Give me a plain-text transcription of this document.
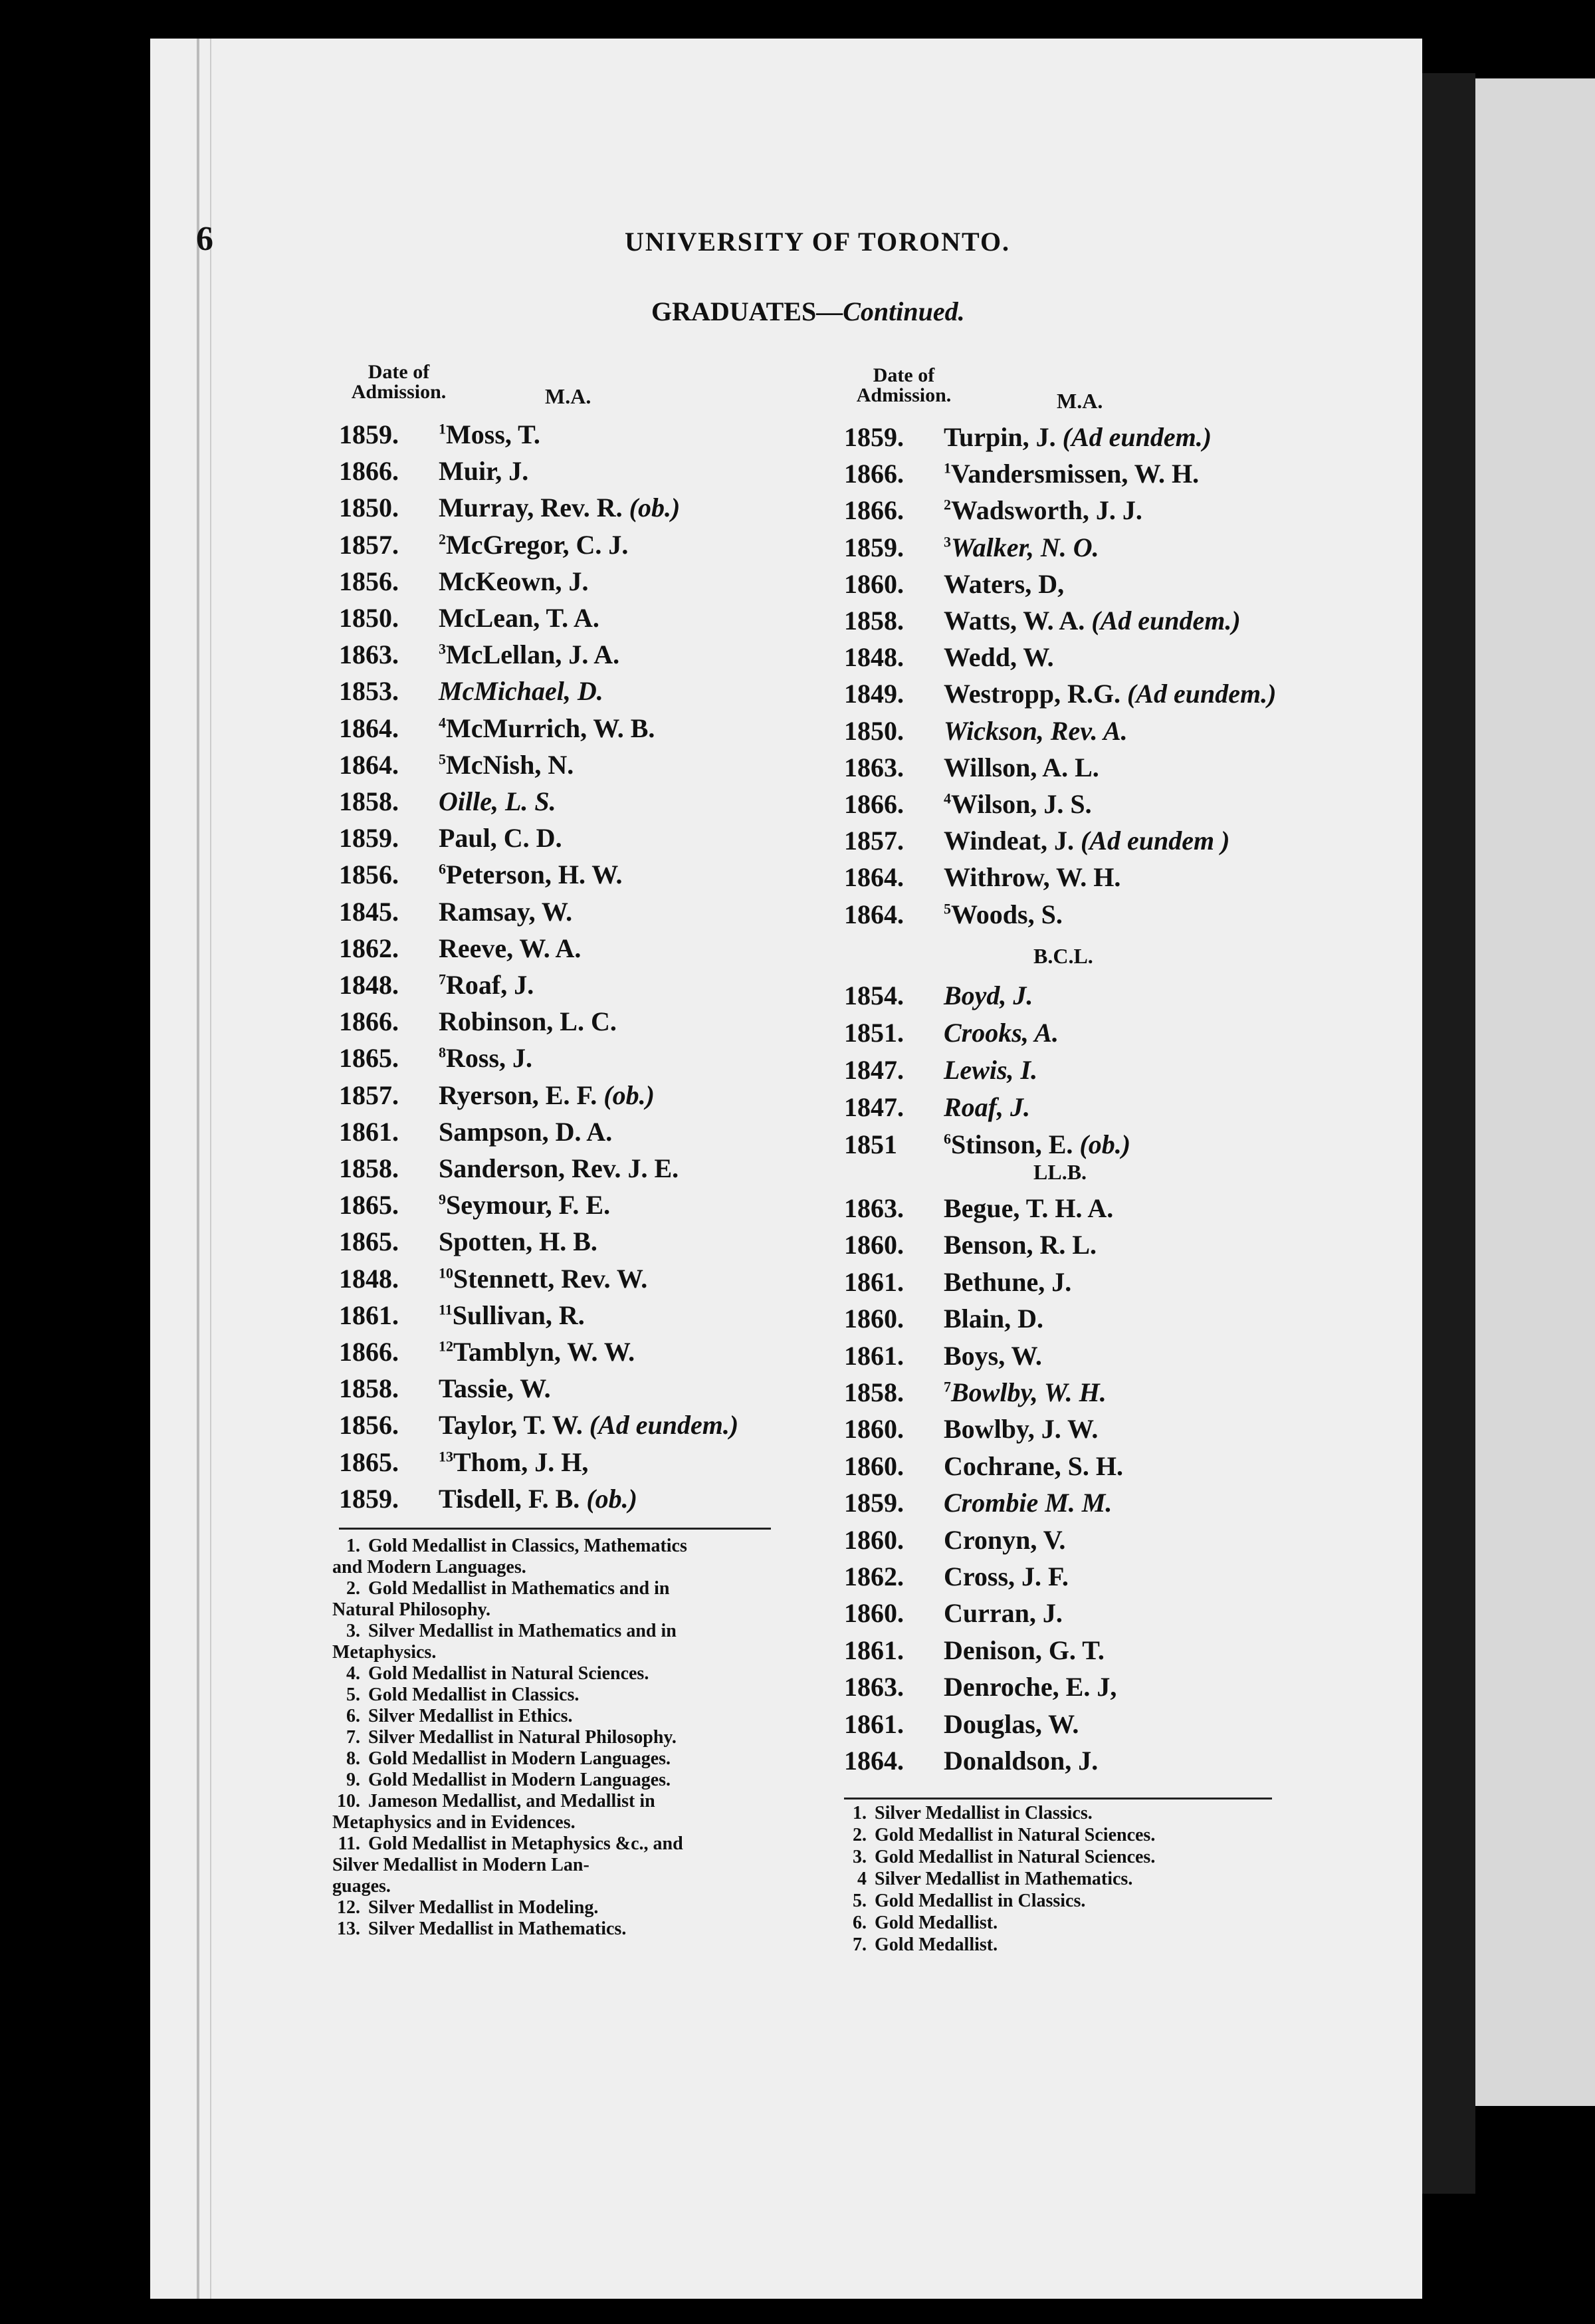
6	UNIVERSITY OF TORONTO.
GRADUATES—Continued.
Date of
Admission.	M.A.
Date of
Admission.	M.A.
1859.	$^1$Moss, T.
1866. Muir, J.
1850. Murray, Rev. R. (ob.)
1857.	$^2$McGregor, C. J.
1856. McKeown, J.
1850. McLean, T. A.
1863.	$^3$McLellan, J. A.
1853. McMichael, D.
1864.	$^4$McMurrich, W. B.
1864.	$^5$McNish, N.
1858. Oille, L. S.
1859. Paul, C. D.
1856.	$^6$Peterson, H. W.
1845. Ramsay, W.
1862. Reeve, W. A.
1848.	$^7$Roaf, J.
1866. Robinson, L. C.
1865.	$^8$Ross, J.
1857. Ryerson, E. F. (ob.)
1861. Sampson, D. A.
1858. Sanderson, Rev. J. E.
1865.	$^9$Seymour, F. E.
1865. Spotten, H. B.
1848.	$^{10}$Stennett, Rev. W.
1861.	$^{11}$Sullivan, R.
1866.	$^{12}$Tamblyn, W. W.
1858. Tassie, W.
1856. Taylor, T. W. (Ad eundem.)
1865.	$^{13}$Thom, J. H,
1859. Tisdell, F. B. (ob.)
1. Gold Medallist in Classics, Mathematics
and Modern Languages.
2. Gold Medallist in Mathematics and in
Natural Philosophy.
3. Silver Medallist in Mathematics and in
Metaphysics.
4. Gold Medallist in Natural Sciences.
5. Gold Medallist in Classics.
6. Silver Medallist in Ethics.
7. Silver Medallist in Natural Philosophy.
8. Gold Medallist in Modern Languages.
9. Gold Medallist in Modern Languages.
10. Jameson Medallist, and Medallist in
Metaphysics and in Evidences.
11. Gold Medallist in Metaphysics &c., and
Silver Medallist in Modern Lan-
guages.
12. Silver Medallist in Modeling.
13. Silver Medallist in Mathematics.
1859. Turpin, J. (Ad eundem.)
1866.	$^1$Vandersmissen, W. H.
1866.	$^2$Wadsworth, J. J.
1859.	$^3$Walker, N. O.
1860. Waters, D,
1858. Watts, W. A. (Ad eundem.)
1848. Wedd, W.
1849. Westropp, R.G. (Ad eundem.)
1850. Wickson, Rev. A.
1863. Willson, A. L.
1866.	$^4$Wilson, J. S.
1857. Windeat, J. (Ad eundem )
1864. Withrow, W. H.
1864.	$^5$Woods, S.
1854. Boyd, J.
1851. Crooks, A.
1847. Lewis, I.
1847. Roaf, J.
1851	$^6$Stinson, E. (ob.)
1863. Begue, T. H. A.
1860. Benson, R. L.
1861. Bethune, J.
1860. Blain, D.
1861. Boys, W.
1858.	$^7$Bowlby, W. H.
1860. Bowlby, J. W.
1860. Cochrane, S. H.
1859. Crombie M. M.
1860. Cronyn, V.
1862. Cross, J. F.
1860. Curran, J.
1861. Denison, G. T.
1863. Denroche, E. J,
1861. Douglas, W.
1864. Donaldson, J.
B.C.L.
LL.B.
1. Silver Medallist in Classics.
2. Gold Medallist in Natural Sciences.
3. Gold Medallist in Natural Sciences.
4 Silver Medallist in Mathematics.
5. Gold Medallist in Classics.
6. Gold Medallist.
7. Gold Medallist.
